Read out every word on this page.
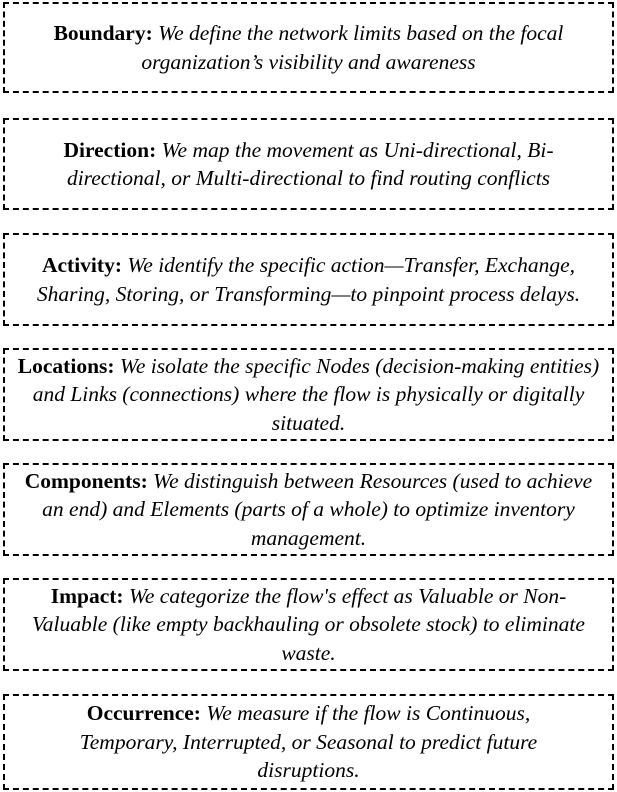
Boundary: We define the network limits based on the focal organization’s visibility and awareness

Direction: We map the movement as Uni-directional, Bi-directional, or Multi-directional to find routing conflicts

Activity: We identify the specific action—Transfer, Exchange, Sharing, Storing, or Transforming—to pinpoint process delays.

Locations: We isolate the specific Nodes (decision-making entities) and Links (connections) where the flow is physically or digitally situated.

Components: We distinguish between Resources (used to achieve an end) and Elements (parts of a whole) to optimize inventory management.

Impact: We categorize the flow's effect as Valuable or Non-Valuable (like empty backhauling or obsolete stock) to eliminate waste.

Occurrence: We measure if the flow is Continuous, Temporary, Interrupted, or Seasonal to predict future disruptions.
